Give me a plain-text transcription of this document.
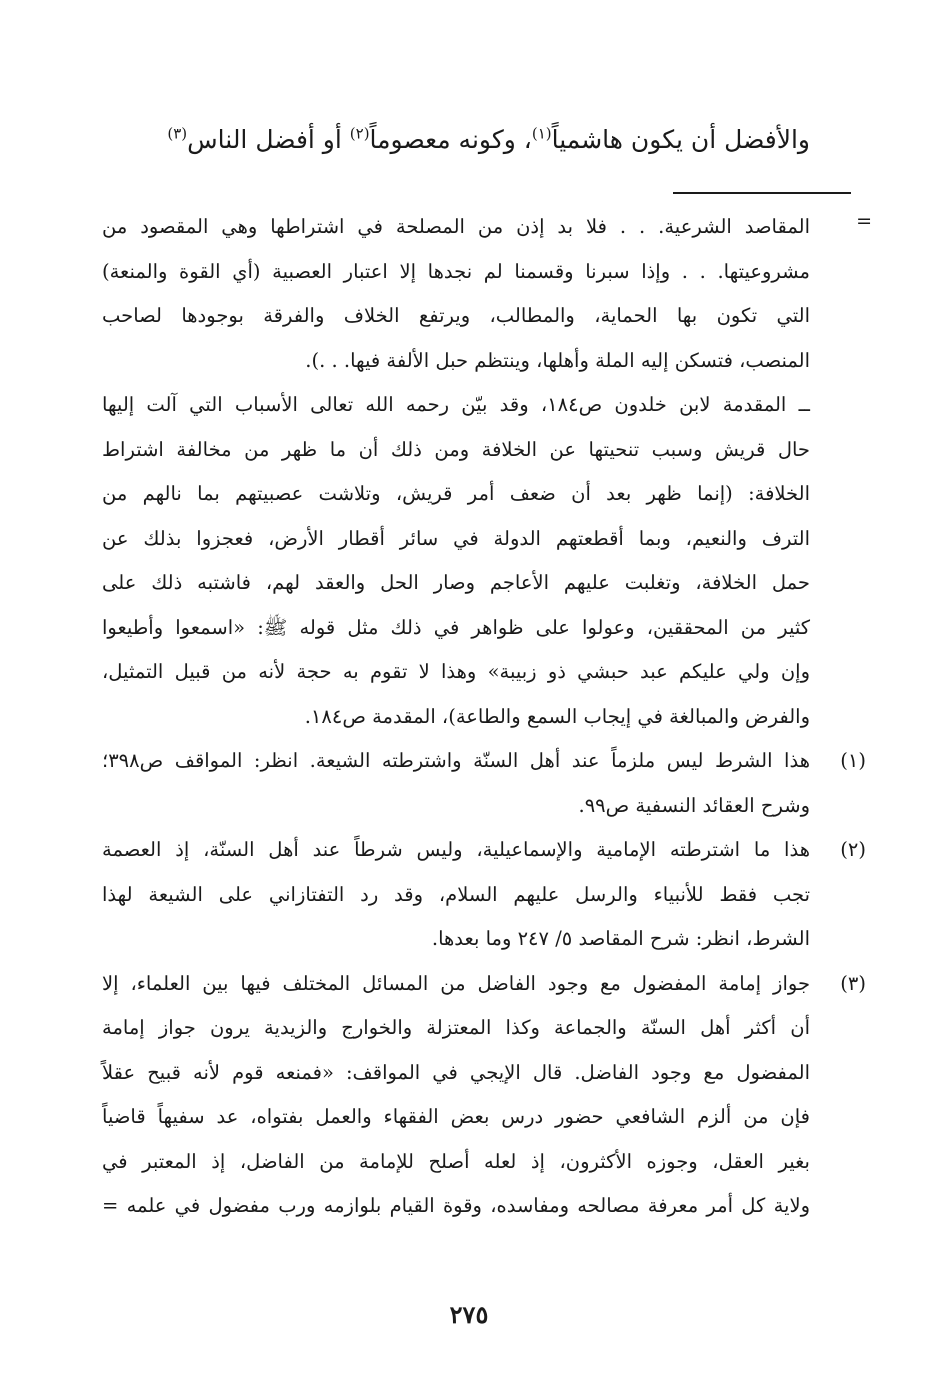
والأفضل أن يكون هاشمياً$^{(١)}$، وكونه معصوماً$^{(٢)}$ أو أفضل الناس$^{(٣)}$

=
المقاصد الشرعية. . . فلا بد إذن من المصلحة في اشتراطها وهي المقصود من
مشروعيتها. . . وإذا سبرنا وقسمنا لم نجدها إلا اعتبار العصبية (أي القوة والمنعة)
التي تكون بها الحماية، والمطالب، ويرتفع الخلاف والفرقة بوجودها لصاحب
المنصب، فتسكن إليه الملة وأهلها، وينتظم حبل الألفة فيها. . .).
ــ المقدمة لابن خلدون ص١٨٤، وقد بيّن رحمه الله تعالى الأسباب التي آلت إليها
حال قريش وسبب تنحيتها عن الخلافة ومن ذلك أن ما ظهر من مخالفة اشتراط
الخلافة: (إنما ظهر بعد أن ضعف أمر قريش، وتلاشت عصبيتهم بما نالهم من
الترف والنعيم، وبما أقطعتهم الدولة في سائر أقطار الأرض، فعجزوا بذلك عن
حمل الخلافة، وتغلبت عليهم الأعاجم وصار الحل والعقد لهم، فاشتبه ذلك على
كثير من المحققين، وعولوا على ظواهر في ذلك مثل قوله ﷺ: «اسمعوا وأطيعوا
وإن ولي عليكم عبد حبشي ذو زبيبة» وهذا لا تقوم به حجة لأنه من قبيل التمثيل،
والفرض والمبالغة في إيجاب السمع والطاعة)، المقدمة ص١٨٤.
(١)
هذا الشرط ليس ملزماً عند أهل السنّة واشترطته الشيعة. انظر: المواقف ص٣٩٨؛
وشرح العقائد النسفية ص٩٩.
(٢)
هذا ما اشترطته الإمامية والإسماعيلية، وليس شرطاً عند أهل السنّة، إذ العصمة
تجب فقط للأنبياء والرسل عليهم السلام، وقد رد التفتازاني على الشيعة لهذا
الشرط، انظر: شرح المقاصد ٥/ ٢٤٧ وما بعدها.
(٣)
جواز إمامة المفضول مع وجود الفاضل من المسائل المختلف فيها بين العلماء، إلا
أن أكثر أهل السنّة والجماعة وكذا المعتزلة والخوارج والزيدية يرون جواز إمامة
المفضول مع وجود الفاضل. قال الإيجي في المواقف: «فمنعه قوم لأنه قبيح عقلاً
فإن من ألزم الشافعي حضور درس بعض الفقهاء والعمل بفتواه، عد سفيهاً قاضياً
بغير العقل، وجوزه الأكثرون، إذ لعله أصلح للإمامة من الفاضل، إذ المعتبر في
ولاية كل أمر معرفة مصالحه ومفاسده، وقوة القيام بلوازمه ورب مفضول في علمه =
٢٧٥
